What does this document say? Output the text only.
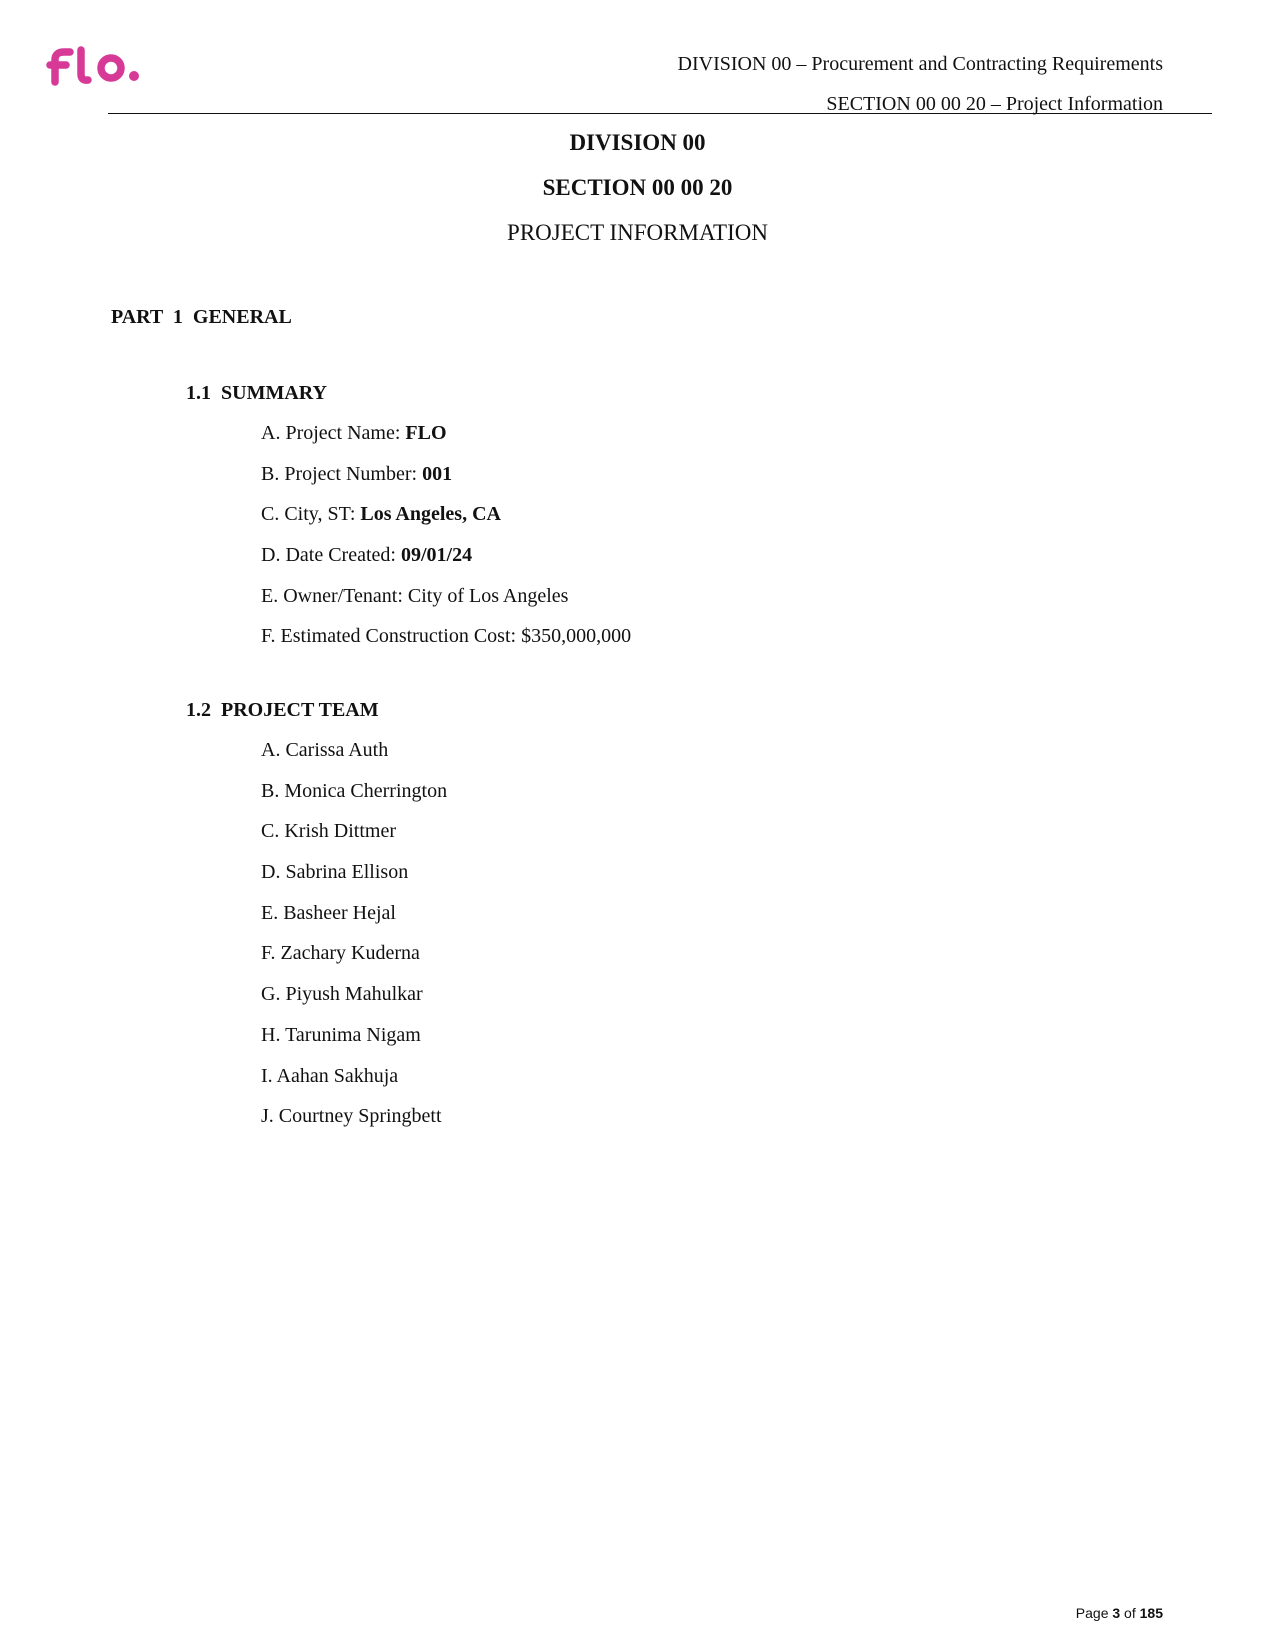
DIVISION 00 – Procurement and Contracting Requirements
SECTION 00 00 20 – Project Information
DIVISION 00
SECTION 00 00 20
PROJECT INFORMATION
PART  1  GENERAL
1.1  SUMMARY
A. Project Name: FLO
B. Project Number: 001
C. City, ST: Los Angeles, CA
D. Date Created: 09/01/24
E. Owner/Tenant: City of Los Angeles
F. Estimated Construction Cost: $350,000,000
1.2  PROJECT TEAM
A. Carissa Auth
B. Monica Cherrington
C. Krish Dittmer
D. Sabrina Ellison
E. Basheer Hejal
F. Zachary Kuderna
G. Piyush Mahulkar
H. Tarunima Nigam
I. Aahan Sakhuja
J. Courtney Springbett
Page 3 of 185
